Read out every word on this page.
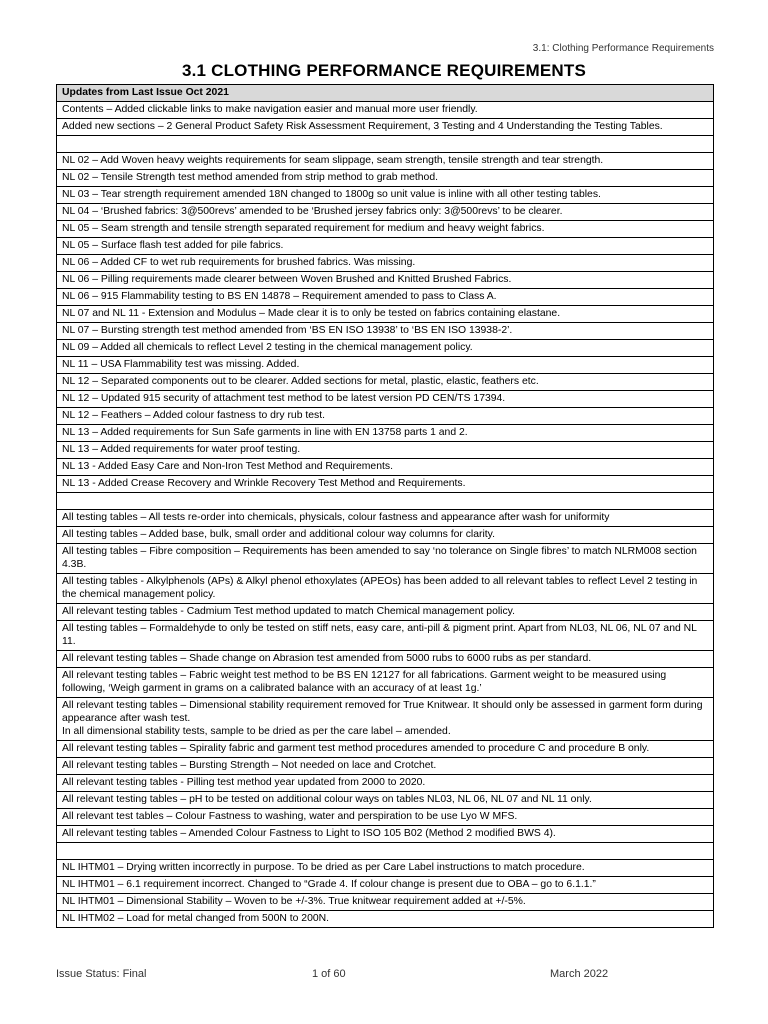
3.1: Clothing Performance Requirements
3.1 CLOTHING PERFORMANCE REQUIREMENTS
Updates from Last Issue Oct 2021
Contents – Added clickable links to make navigation easier and manual more user friendly.
Added new sections – 2 General Product Safety Risk Assessment Requirement, 3 Testing and 4 Understanding the Testing Tables.

NL 02 – Add Woven heavy weights requirements for seam slippage, seam strength, tensile strength and tear strength.
NL 02 – Tensile Strength test method amended from strip method to grab method.
NL 03 – Tear strength requirement amended 18N changed to 1800g so unit value is inline with all other testing tables.
NL 04 – ‘Brushed fabrics: 3@500revs’ amended to be ‘Brushed jersey fabrics only: 3@500revs’ to be clearer.
NL 05 – Seam strength and tensile strength separated requirement for medium and heavy weight fabrics.
NL 05 – Surface flash test added for pile fabrics.
NL 06 – Added CF to wet rub requirements for brushed fabrics. Was missing.
NL 06 – Pilling requirements made clearer between Woven Brushed and Knitted Brushed Fabrics.
NL 06 – 915 Flammability testing to BS EN 14878 – Requirement amended to pass to Class A.
NL 07 and NL 11 - Extension and Modulus – Made clear it is to only be tested on fabrics containing elastane.
NL 07 – Bursting strength test method amended from ‘BS EN ISO 13938’ to ‘BS EN ISO 13938-2’.
NL 09 – Added all chemicals to reflect Level 2 testing in the chemical management policy.
NL 11 – USA Flammability test was missing. Added.
NL 12 – Separated components out to be clearer. Added sections for metal, plastic, elastic, feathers etc.
NL 12 – Updated 915 security of attachment test method to be latest version PD CEN/TS 17394.
NL 12 – Feathers – Added colour fastness to dry rub test.
NL 13 – Added requirements for Sun Safe garments in line with EN 13758 parts 1 and 2.
NL 13 – Added requirements for water proof testing.
NL 13 - Added Easy Care and Non-Iron Test Method and Requirements.
NL 13 - Added Crease Recovery and Wrinkle Recovery Test Method and Requirements.

All testing tables – All tests re-order into chemicals, physicals, colour fastness and appearance after wash for uniformity
All testing tables – Added base, bulk, small order and additional colour way columns for clarity.
All testing tables – Fibre composition – Requirements has been amended to say ‘no tolerance on Single fibres’ to match NLRM008 section 4.3B.
All testing tables - Alkylphenols (APs) & Alkyl phenol ethoxylates (APEOs) has been added to all relevant tables to reflect Level 2 testing in the chemical management policy.
All relevant testing tables - Cadmium Test method updated to match Chemical management policy.
All testing tables – Formaldehyde to only be tested on stiff nets, easy care, anti-pill & pigment print. Apart from NL03, NL 06, NL 07 and NL 11.
All relevant testing tables – Shade change on Abrasion test amended from 5000 rubs to 6000 rubs as per standard.
All relevant testing tables – Fabric weight test method to be BS EN 12127 for all fabrications. Garment weight to be measured using following, ‘Weigh garment in grams on a calibrated balance with an accuracy of at least 1g.’
All relevant testing tables – Dimensional stability requirement removed for True Knitwear. It should only be assessed in garment form during appearance after wash test.
In all dimensional stability tests, sample to be dried as per the care label – amended.
All relevant testing tables – Spirality fabric and garment test method procedures amended to procedure C and procedure B only.
All relevant testing tables – Bursting Strength – Not needed on lace and Crotchet.
All relevant testing tables - Pilling test method year updated from 2000 to 2020.
All relevant testing tables – pH to be tested on additional colour ways on tables NL03, NL 06, NL 07 and NL 11 only.
All relevant test tables – Colour Fastness to washing, water and perspiration to be use Lyo W MFS.
All relevant testing tables – Amended Colour Fastness to Light to ISO 105 B02 (Method 2 modified BWS 4).

NL IHTM01 – Drying written incorrectly in purpose. To be dried as per Care Label instructions to match procedure.
NL IHTM01 – 6.1 requirement incorrect. Changed to “Grade 4. If colour change is present due to OBA – go to 6.1.1.”
NL IHTM01 – Dimensional Stability – Woven to be +/-3%. True knitwear requirement added at +/-5%.
NL IHTM02 – Load for metal changed from 500N to 200N.
Issue Status: Final	1 of 60	March 2022
